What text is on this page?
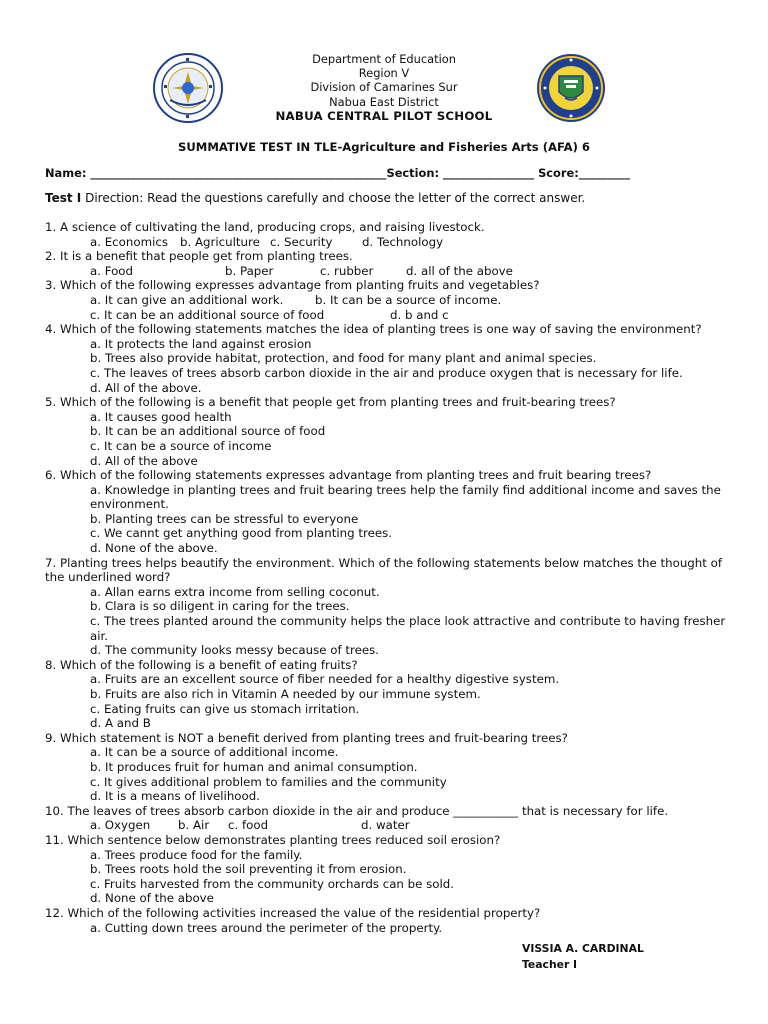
Department of Education
Region V
Division of Camarines Sur
Nabua East District
NABUA CENTRAL PILOT SCHOOL
SUMMATIVE TEST IN TLE-Agriculture and Fisheries Arts (AFA) 6
Name: ____________________________________________________Section: ________________ Score:_________
Test I Direction: Read the questions carefully and choose the letter of the correct answer.

1. A science of cultivating the land, producing crops, and raising livestock.

a. Economics b. Agriculture c. Security	d. Technology

2. It is a benefit that people get from planting trees.

a. Food	b. Paper	c. rubber	d. all of the above

3. Which of the following expresses advantage from planting fruits and vegetables?

a. It can give an additional work.	b. It can be a source of income.

c. It can be an additional source of food	d. b and c

4. Which of the following statements matches the idea of planting trees is one way of saving the environment?

a. It protects the land against erosion

b. Trees also provide habitat, protection, and food for many plant and animal species.

c. The leaves of trees absorb carbon dioxide in the air and produce oxygen that is necessary for life.

d. All of the above.

5. Which of the following is a benefit that people get from planting trees and fruit-bearing trees?

a. It causes good health

b. It can be an additional source of food

c. It can be a source of income

d. All of the above

6. Which of the following statements expresses advantage from planting trees and fruit bearing trees?

a. Knowledge in planting trees and fruit bearing trees help the family find additional income and saves the environment.

b. Planting trees can be stressful to everyone

c. We cannt get anything good from planting trees.

d. None of the above.

7. Planting trees helps beautify the environment. Which of the following statements below matches the thought of the underlined word?

a. Allan earns extra income from selling coconut.

b. Clara is so diligent in caring for the trees.

c. The trees planted around the community helps the place look attractive and contribute to having fresher air.

d. The community looks messy because of trees.

8. Which of the following is a benefit of eating fruits?

a. Fruits are an excellent source of fiber needed for a healthy digestive system.

b. Fruits are also rich in Vitamin A needed by our immune system.

c. Eating fruits can give us stomach irritation.

d. A and B

9. Which statement is NOT a benefit derived from planting trees and fruit-bearing trees?

a. It can be a source of additional income.

b. It produces fruit for human and animal consumption.

c. It gives additional problem to families and the community

d. It is a means of livelihood.

10. The leaves of trees absorb carbon dioxide in the air and produce ___________ that is necessary for life.

a. Oxygen b. Air c. food	d. water

11. Which sentence below demonstrates planting trees reduced soil erosion?

a. Trees produce food for the family.

b. Trees roots hold the soil preventing it from erosion.

c. Fruits harvested from the community orchards can be sold.

d. None of the above

12. Which of the following activities increased the value of the residential property?

a. Cutting down trees around the perimeter of the property.

VISSIA A. CARDINAL
Teacher I
